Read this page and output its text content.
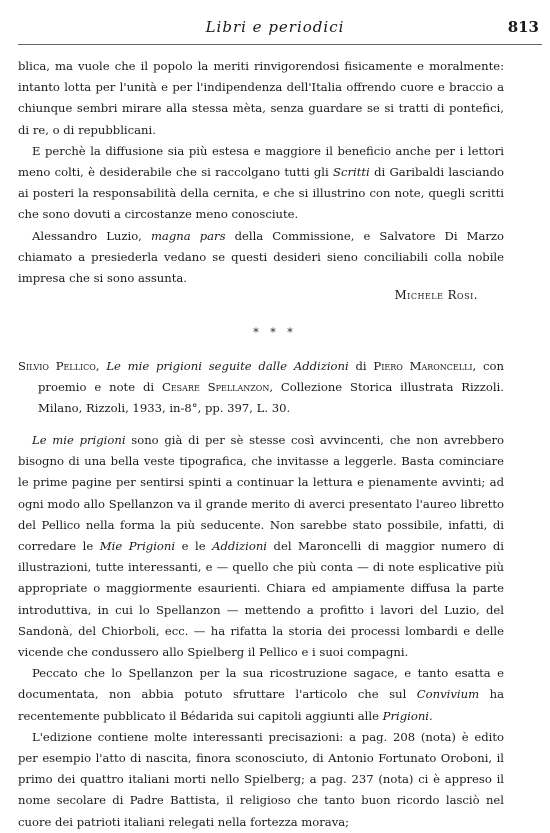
Libri e periodici	813

blica, ma vuole che il popolo la meriti rinvigorendosi fisicamente e moralmente: intanto lotta per l'unità e per l'indipendenza dell'Italia offrendo cuore e braccio a chiunque sembri mirare alla stessa mèta, senza guardare se si tratti di pontefici, di re, o di repubblicani.

E perchè la diffusione sia più estesa e maggiore il beneficio anche per i lettori meno colti, è desiderabile che si raccolgano tutti gli Scritti di Garibaldi lasciando ai posteri la responsabilità della cernita, e che si illustrino con note, quegli scritti che sono dovuti a circostanze meno conosciute.

Alessandro Luzio, magna pars della Commissione, e Salvatore Di Marzo chiamato a presiederla vedano se questi desideri sieno conciliabili colla nobile impresa che si sono assunta.

Michele Rosi.
* * *

Silvio Pellico, Le mie prigioni seguite dalle Addizioni di Piero Maroncelli, con proemio e note di Cesare Spellanzon, Collezione Storica illustrata Rizzoli. Milano, Rizzoli, 1933, in-8°, pp. 397, L. 30.

Le mie prigioni sono già di per sè stesse così avvincenti, che non avrebbero bisogno di una bella veste tipografica, che invitasse a leggerle. Basta cominciare le prime pagine per sentirsi spinti a continuar la lettura e pienamente avvinti; ad ogni modo allo Spellanzon va il grande merito di averci presentato l'aureo libretto del Pellico nella forma la più seducente. Non sarebbe stato possibile, infatti, di corredare le Mie Prigioni e le Addizioni del Maroncelli di maggior numero di illustrazioni, tutte interessanti, e — quello che più conta — di note esplicative più appropriate o maggiormente esaurienti. Chiara ed ampiamente diffusa la parte introduttiva, in cui lo Spellanzon — mettendo a profitto i lavori del Luzio, del Sandonà, del Chiorboli, ecc. — ha rifatta la storia dei processi lombardi e delle vicende che condussero allo Spielberg il Pellico e i suoi compagni.

Peccato che lo Spellanzon per la sua ricostruzione sagace, e tanto esatta e documentata, non abbia potuto sfruttare l'articolo che sul Convivium ha recentemente pubblicato il Bédarida sui capitoli aggiunti alle Prigioni.

L'edizione contiene molte interessanti precisazioni: a pag. 208 (nota) è edito per esempio l'atto di nascita, finora sconosciuto, di Antonio Fortunato Oroboni, il primo dei quattro italiani morti nello Spielberg; a pag. 237 (nota) ci è appreso il nome secolare di Padre Battista, il religioso che tanto buon ricordo lasciò nel cuore dei patrioti italiani relegati nella fortezza morava;
